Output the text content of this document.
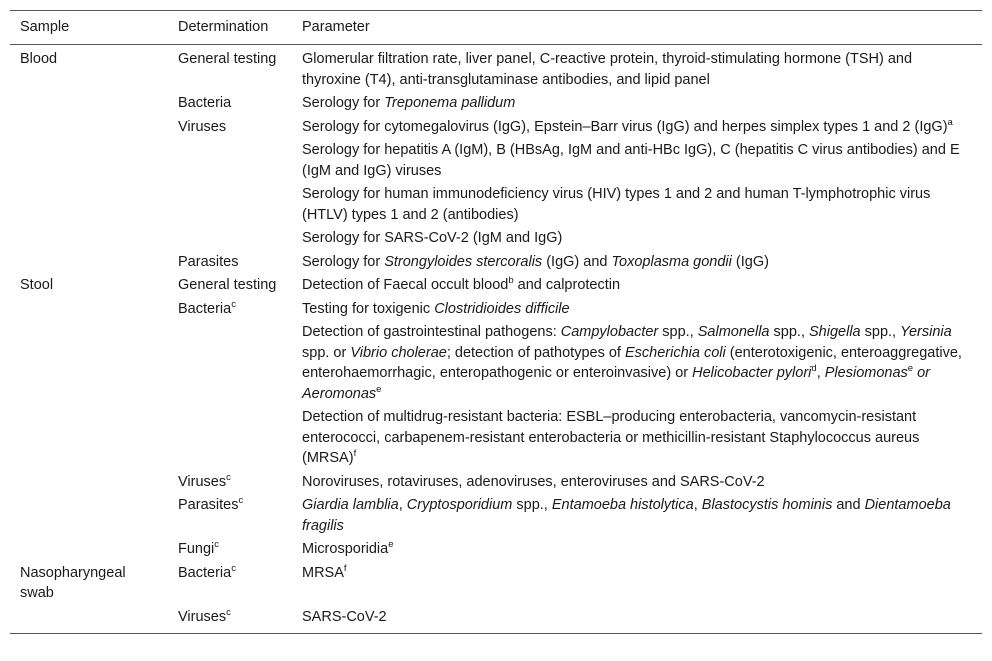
Sample	Determination	Parameter
Blood	General testing	Glomerular filtration rate, liver panel, C-reactive protein, thyroid-stimulating hormone (TSH) and thyroxine (T4), anti-transglutaminase antibodies, and lipid panel
	Bacteria	Serology for Treponema pallidum
	Viruses	Serology for cytomegalovirus (IgG), Epstein–Barr virus (IgG) and herpes simplex types 1 and 2 (IgG)$^a$
		Serology for hepatitis A (IgM), B (HBsAg, IgM and anti-HBc IgG), C (hepatitis C virus antibodies) and E (IgM and IgG) viruses
		Serology for human immunodeficiency virus (HIV) types 1 and 2 and human T-lymphotrophic virus (HTLV) types 1 and 2 (antibodies)
		Serology for SARS-CoV-2 (IgM and IgG)
	Parasites	Serology for Strongyloides stercoralis (IgG) and Toxoplasma gondii (IgG)
Stool	General testing	Detection of Faecal occult blood$^b$ and calprotectin
	Bacteria$^c$	Testing for toxigenic Clostridioides difficile
		Detection of gastrointestinal pathogens: Campylobacter spp., Salmonella spp., Shigella spp., Yersinia spp. or Vibrio cholerae; detection of pathotypes of Escherichia coli (enterotoxigenic, enteroaggregative, enterohaemorrhagic, enteropathogenic or enteroinvasive) or Helicobacter pylori$^d$, Plesiomonas$^e$ or Aeromonas$^e$
		Detection of multidrug-resistant bacteria: ESBL–producing enterobacteria, vancomycin-resistant enterococci, carbapenem-resistant enterobacteria or methicillin-resistant Staphylococcus aureus (MRSA)$^f$
	Viruses$^c$	Noroviruses, rotaviruses, adenoviruses, enteroviruses and SARS-CoV-2
	Parasites$^c$	Giardia lamblia, Cryptosporidium spp., Entamoeba histolytica, Blastocystis hominis and Dientamoeba fragilis
	Fungi$^c$	Microsporidia$^e$
Nasopharyngeal swab	Bacteria$^c$	MRSA$^f$
	Viruses$^c$	SARS-CoV-2
